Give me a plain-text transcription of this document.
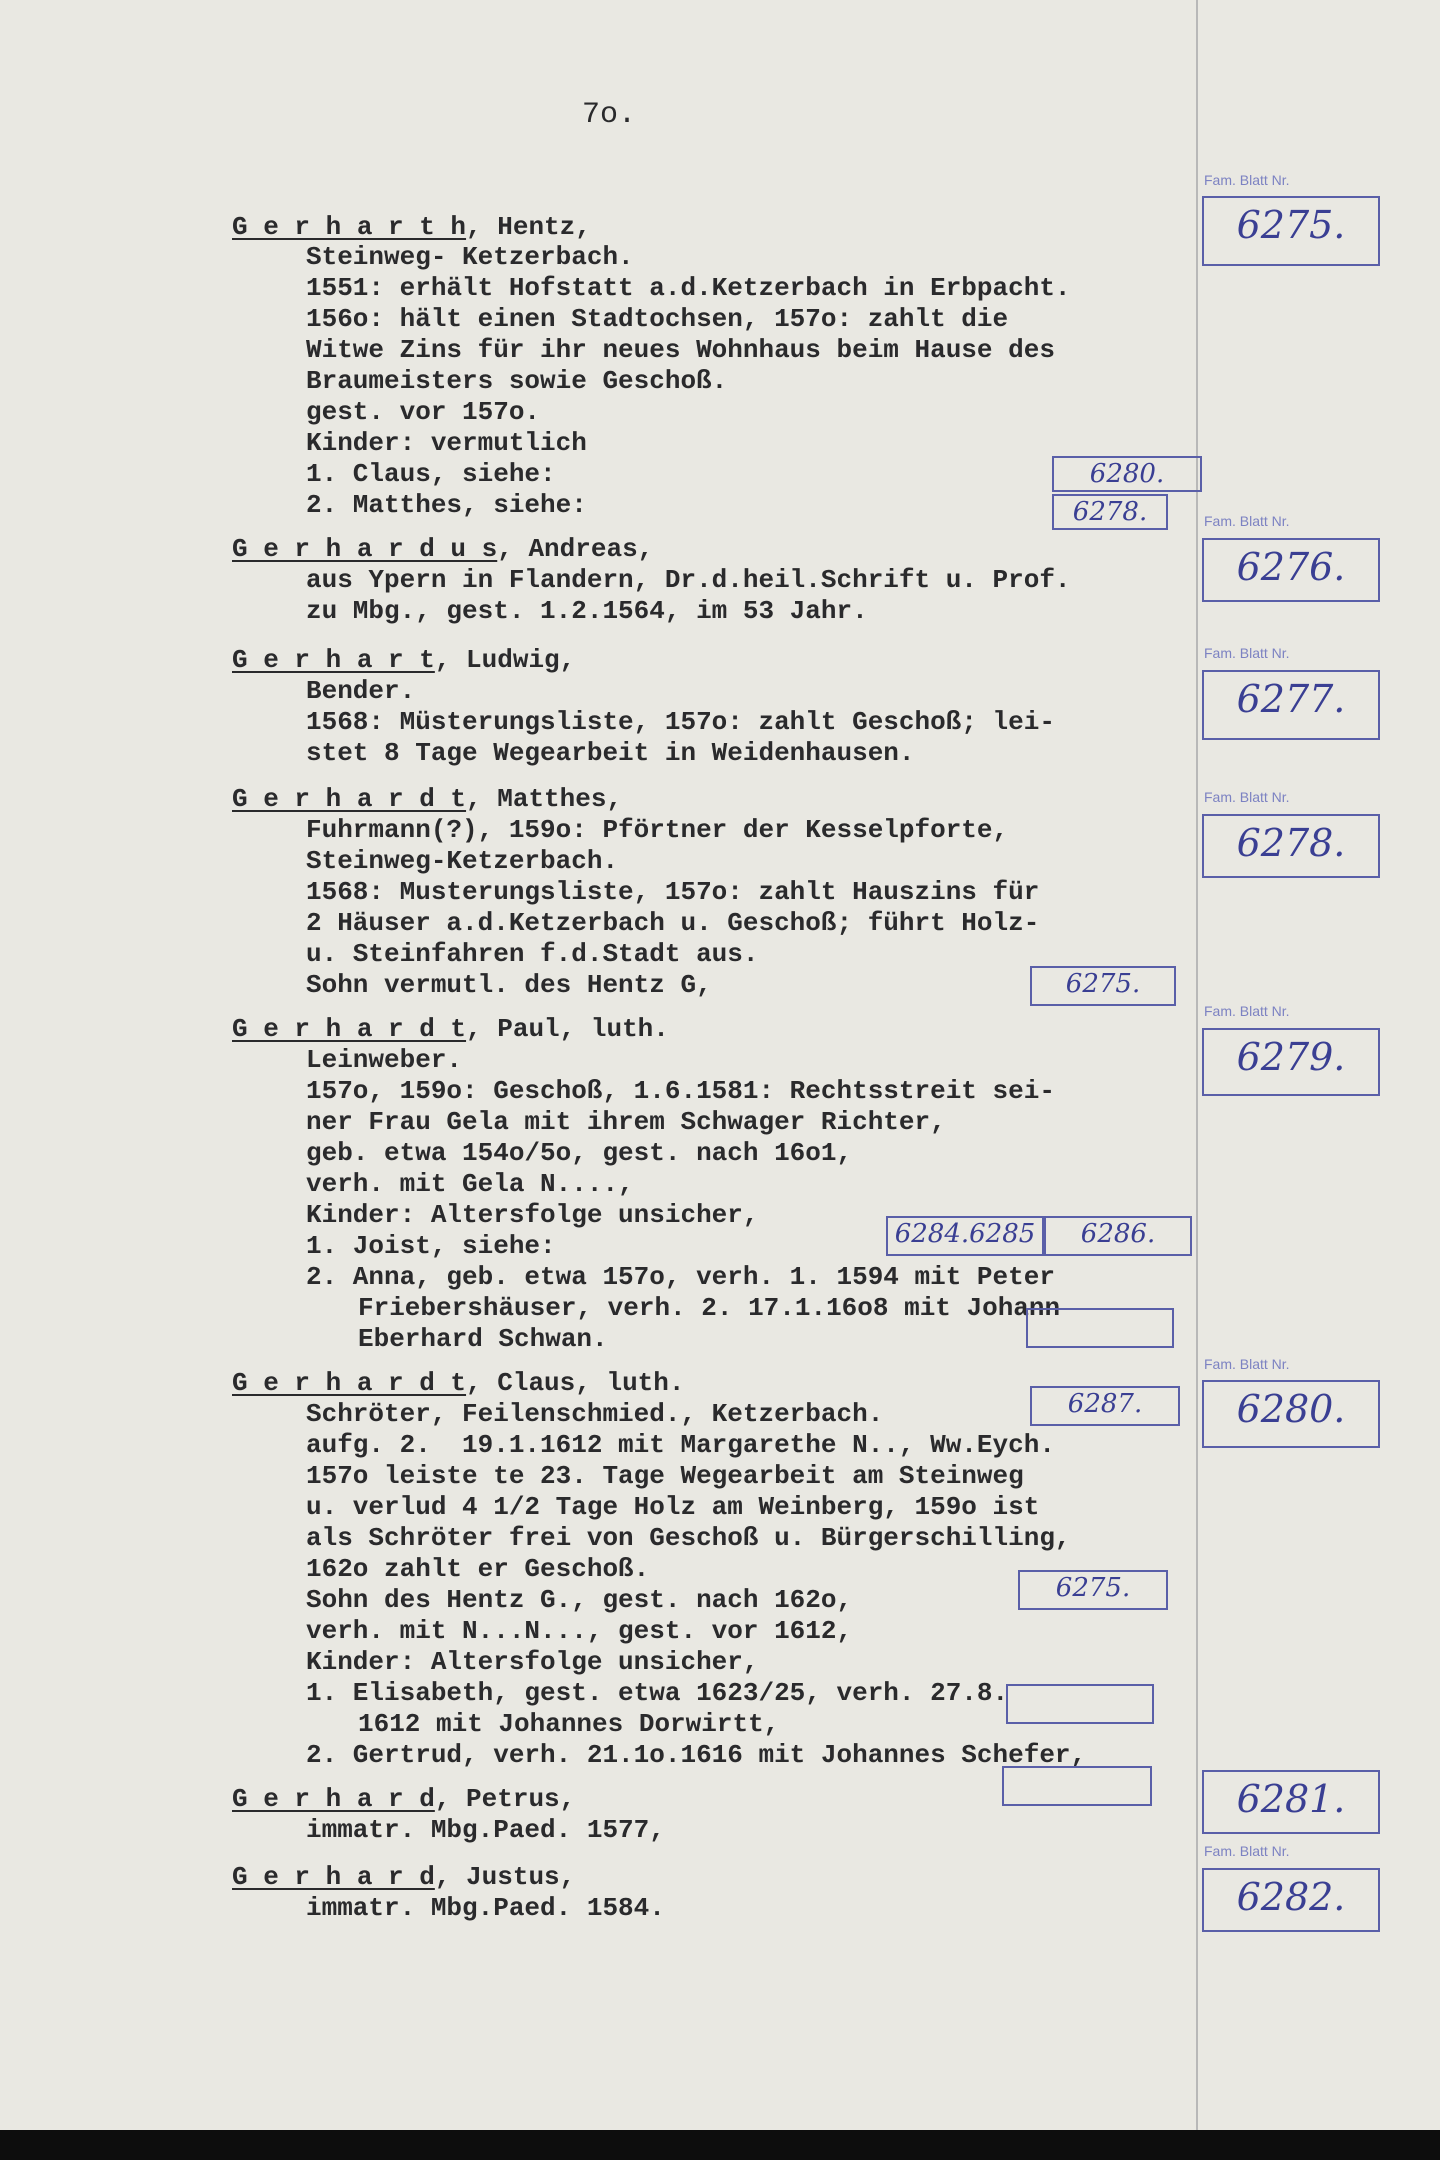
7o.
G e r h a r t h, Hentz,
Steinweg- Ketzerbach.
1551: erhält Hofstatt a.d.Ketzerbach in Erbpacht.
156o: hält einen Stadtochsen, 157o: zahlt die
Witwe Zins für ihr neues Wohnhaus beim Hause des
Braumeisters sowie Geschoß.
gest. vor 157o.
Kinder: vermutlich
1. Claus, siehe:
2. Matthes, siehe:
G e r h a r d u s, Andreas,
aus Ypern in Flandern, Dr.d.heil.Schrift u. Prof.
zu Mbg., gest. 1.2.1564, im 53 Jahr.
G e r h a r t, Ludwig,
Bender.
1568: Müsterungsliste, 157o: zahlt Geschoß; lei-
stet 8 Tage Wegearbeit in Weidenhausen.
G e r h a r d t, Matthes,
Fuhrmann(?), 159o: Pförtner der Kesselpforte,
Steinweg-Ketzerbach.
1568: Musterungsliste, 157o: zahlt Hauszins für
2 Häuser a.d.Ketzerbach u. Geschoß; führt Holz-
u. Steinfahren f.d.Stadt aus.
Sohn vermutl. des Hentz G,
G e r h a r d t, Paul, luth.
Leinweber.
157o, 159o: Geschoß, 1.6.1581: Rechtsstreit sei-
ner Frau Gela mit ihrem Schwager Richter,
geb. etwa 154o/5o, gest. nach 16o1,
verh. mit Gela N....,
Kinder: Altersfolge unsicher,
1. Joist, siehe:
2. Anna, geb. etwa 157o, verh. 1. 1594 mit Peter
Friebershäuser, verh. 2. 17.1.16o8 mit Johann
Eberhard Schwan.
G e r h a r d t, Claus, luth.
Schröter, Feilenschmied., Ketzerbach.
aufg. 2.  19.1.1612 mit Margarethe N.., Ww.Eych.
157o leiste te 23. Tage Wegearbeit am Steinweg
u. verlud 4 1/2 Tage Holz am Weinberg, 159o ist
als Schröter frei von Geschoß u. Bürgerschilling,
162o zahlt er Geschoß.
Sohn des Hentz G., gest. nach 162o,
verh. mit N...N..., gest. vor 1612,
Kinder: Altersfolge unsicher,
1. Elisabeth, gest. etwa 1623/25, verh. 27.8.
1612 mit Johannes Dorwirtt,
2. Gertrud, verh. 21.1o.1616 mit Johannes Schefer,
G e r h a r d, Petrus,
immatr. Mbg.Paed. 1577,
G e r h a r d, Justus,
immatr. Mbg.Paed. 1584.
Fam. Blatt Nr.
6275.
Fam. Blatt Nr.
6276.
Fam. Blatt Nr.
6277.
Fam. Blatt Nr.
6278.
Fam. Blatt Nr.
6279.
Fam. Blatt Nr.
6280.
6281.
Fam. Blatt Nr.
6282.
6280.
6278.
6275.
6284.6285	6286.
6287.
6275.
